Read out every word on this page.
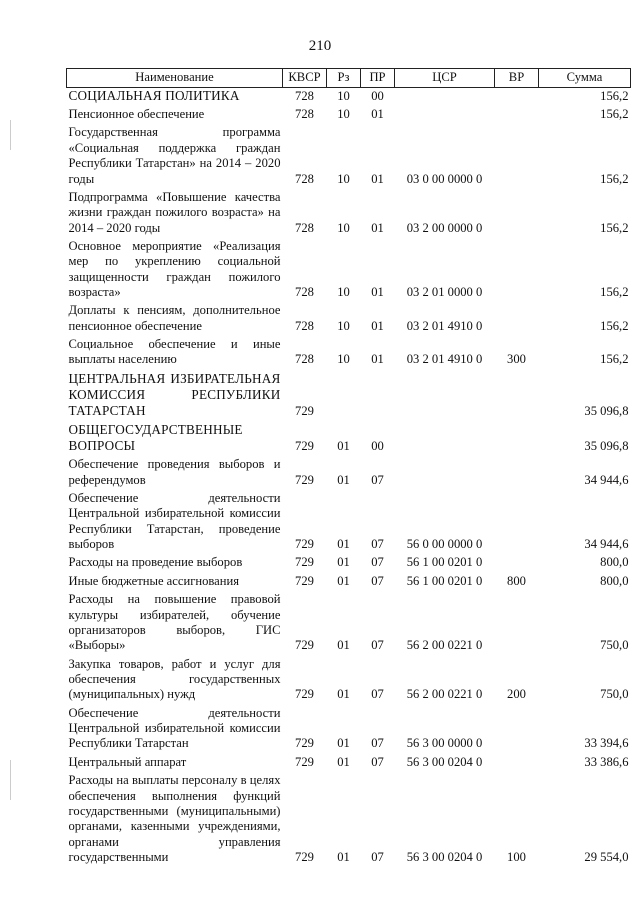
210
Наименование	КВСР	Рз	ПР	ЦСР	ВР	Сумма
СОЦИАЛЬНАЯ ПОЛИТИКА	728	10	00			156,2
Пенсионное обеспечение	728	10	01			156,2
Государственная программа «Социальная поддержка граждан Республики Татарстан» на 2014 – 2020 годы	728	10	01	03 0 00 0000 0		156,2
Подпрограмма «Повышение качества жизни граждан пожилого возраста» на 2014 – 2020 годы	728	10	01	03 2 00 0000 0		156,2
Основное мероприятие «Реализация мер по укреплению социальной защищенности граждан пожилого возраста»	728	10	01	03 2 01 0000 0		156,2
Доплаты к пенсиям, дополнительное пенсионное обеспечение	728	10	01	03 2 01 4910 0		156,2
Социальное обеспечение и иные выплаты населению	728	10	01	03 2 01 4910 0	300	156,2
ЦЕНТРАЛЬНАЯ ИЗБИРАТЕЛЬНАЯ КОМИССИЯ РЕСПУБЛИКИ ТАТАРСТАН	729					35 096,8
ОБЩЕГОСУДАРСТВЕННЫЕ ВОПРОСЫ	729	01	00			35 096,8
Обеспечение проведения выборов и референдумов	729	01	07			34 944,6
Обеспечение деятельности Центральной избирательной комиссии Республики Татарстан, проведение выборов	729	01	07	56 0 00 0000 0		34 944,6
Расходы на проведение выборов	729	01	07	56 1 00 0201 0		800,0
Иные бюджетные ассигнования	729	01	07	56 1 00 0201 0	800	800,0
Расходы на повышение правовой культуры избирателей, обучение организаторов выборов, ГИС «Выборы»	729	01	07	56 2 00 0221 0		750,0
Закупка товаров, работ и услуг для обеспечения государственных (муниципальных) нужд	729	01	07	56 2 00 0221 0	200	750,0
Обеспечение деятельности Центральной избирательной комиссии Республики Татарстан	729	01	07	56 3 00 0000 0		33 394,6
Центральный аппарат	729	01	07	56 3 00 0204 0		33 386,6
Расходы на выплаты персоналу в целях обеспечения выполнения функций государственными (муниципальными) органами, казенными учреждениями, органами управления государственными	729	01	07	56 3 00 0204 0	100	29 554,0
